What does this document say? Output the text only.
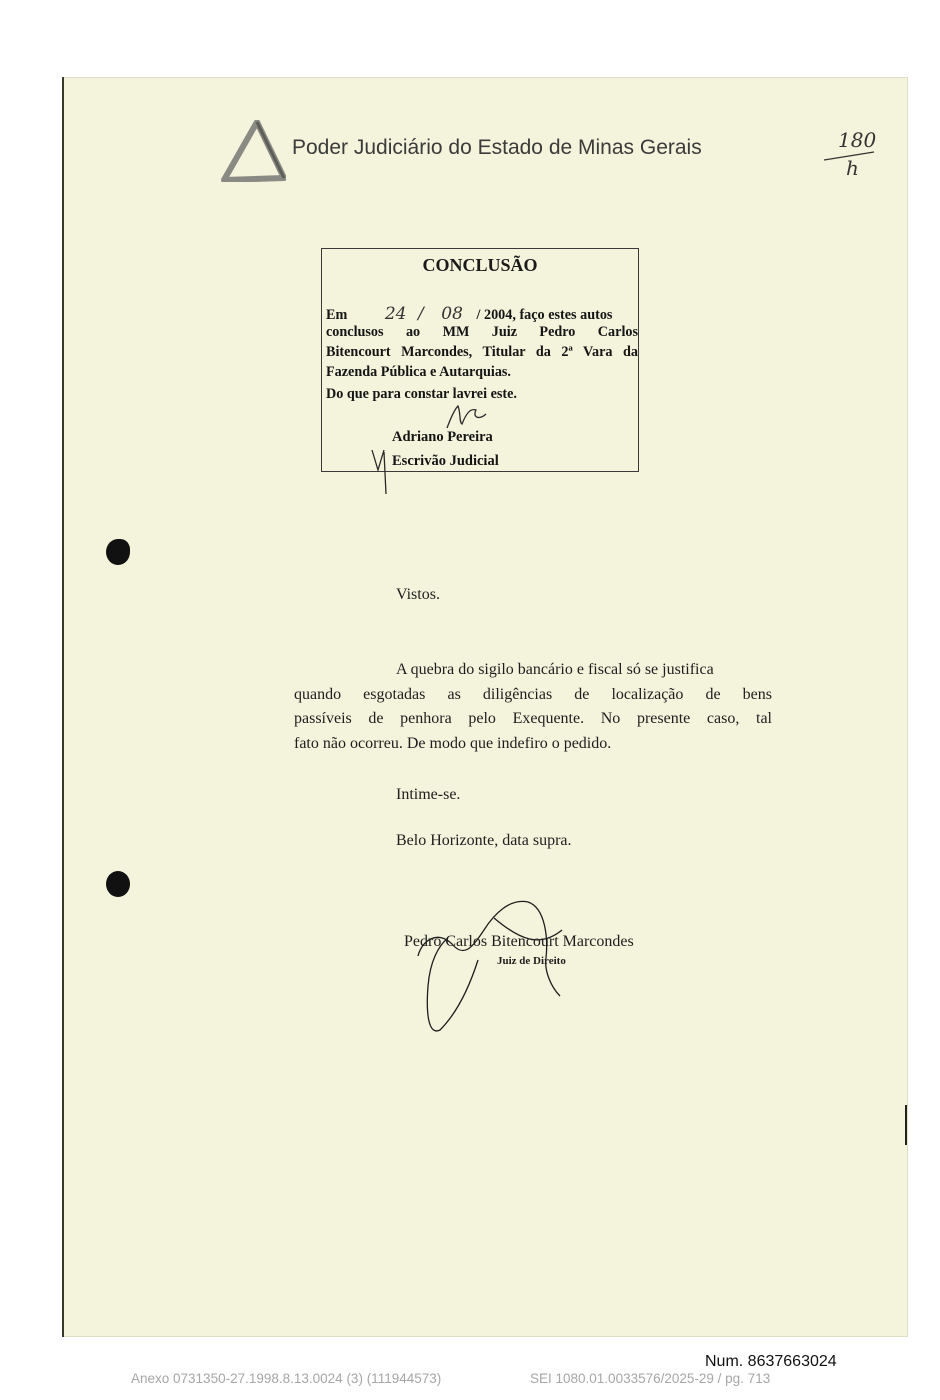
Poder Judiciário do Estado de Minas Gerais	180
h
CONCLUSÃO
Em 24 / 08 / 2004, faço estes autos
conclusos ao MM Juiz Pedro Carlos
Bitencourt Marcondes, Titular da 2ª Vara da
Fazenda Pública e Autarquias.
Do que para constar lavrei este.
Adriano Pereira
Escrivão Judicial
Vistos.
A quebra do sigilo bancário e fiscal só se justifica
quando esgotadas as diligências de localização de bens
passíveis de penhora pelo Exequente. No presente caso, tal
fato não ocorreu. De modo que indefiro o pedido.
Intime-se.
Belo Horizonte, data supra.
Pedro Carlos Bitencourt Marcondes
Juiz de Direito
Num. 8637663024
Anexo 0731350-27.1998.8.13.0024 (3) (111944573)	SEI 1080.01.0033576/2025-29 / pg. 713
